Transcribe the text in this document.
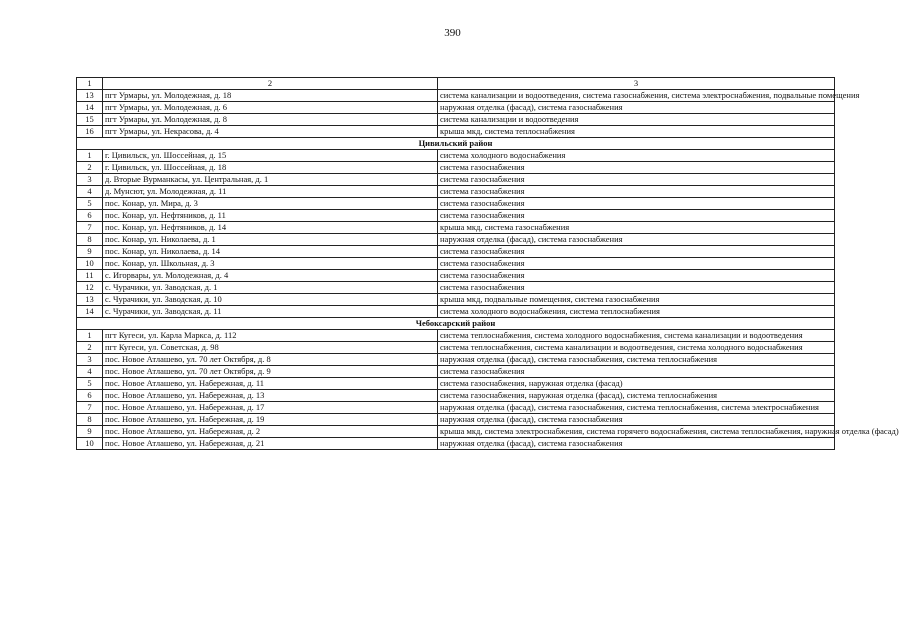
390
1	2	3
13	пгт Урмары, ул. Молодежная, д. 18	система канализации и водоотведения, система газоснабжения, система электроснабжения, подвальные помещения
14	пгт Урмары, ул. Молодежная, д. 6	наружная отделка (фасад), система газоснабжения
15	пгт Урмары, ул. Молодежная, д. 8	система канализации и водоотведения
16	пгт Урмары, ул. Некрасова, д. 4	крыша мкд, система теплоснабжения
Цивильский район		
1	г. Цивильск, ул. Шоссейная, д. 15	система холодного водоснабжения
2	г. Цивильск, ул. Шоссейная, д. 18	система газоснабжения
3	д. Вторые Вурманкасы, ул. Центральная, д. 1	система газоснабжения
4	д. Мунсют, ул. Молодежная, д. 11	система газоснабжения
5	пос. Конар, ул. Мира, д. 3	система газоснабжения
6	пос. Конар, ул. Нефтяников, д. 11	система газоснабжения
7	пос. Конар, ул. Нефтяников, д. 14	крыша мкд, система газоснабжения
8	пос. Конар, ул. Николаева, д. 1	наружная отделка (фасад), система газоснабжения
9	пос. Конар, ул. Николаева, д. 14	система газоснабжения
10	пос. Конар, ул. Школьная, д. 3	система газоснабжения
11	с. Игорвары, ул. Молодежная, д. 4	система газоснабжения
12	с. Чурачики, ул. Заводская, д. 1	система газоснабжения
13	с. Чурачики, ул. Заводская, д. 10	крыша мкд, подвальные помещения, система газоснабжения
14	с. Чурачики, ул. Заводская, д. 11	система холодного водоснабжения, система теплоснабжения
Чебоксарский район		
1	пгт Кугеси, ул. Карла Маркса, д. 112	система теплоснабжения, система холодного водоснабжения, система канализации и водоотведения
2	пгт Кугеси, ул. Советская, д. 98	система теплоснабжения, система канализации и водоотведения, система холодного водоснабжения
3	пос. Новое Атлашево, ул. 70 лет Октября, д. 8	наружная отделка (фасад), система газоснабжения, система теплоснабжения
4	пос. Новое Атлашево, ул. 70 лет Октября, д. 9	система газоснабжения
5	пос. Новое Атлашево, ул. Набережная, д. 11	система газоснабжения, наружная отделка (фасад)
6	пос. Новое Атлашево, ул. Набережная, д. 13	система газоснабжения, наружная отделка (фасад), система теплоснабжения
7	пос. Новое Атлашево, ул. Набережная, д. 17	наружная отделка (фасад), система газоснабжения, система теплоснабжения, система электроснабжения
8	пос. Новое Атлашево, ул. Набережная, д. 19	наружная отделка (фасад), система газоснабжения
9	пос. Новое Атлашево, ул. Набережная, д. 2	крыша мкд, система электроснабжения, система горячего водоснабжения, система теплоснабжения, наружная отделка (фасад)
10	пос. Новое Атлашево, ул. Набережная, д. 21	наружная отделка (фасад), система газоснабжения
